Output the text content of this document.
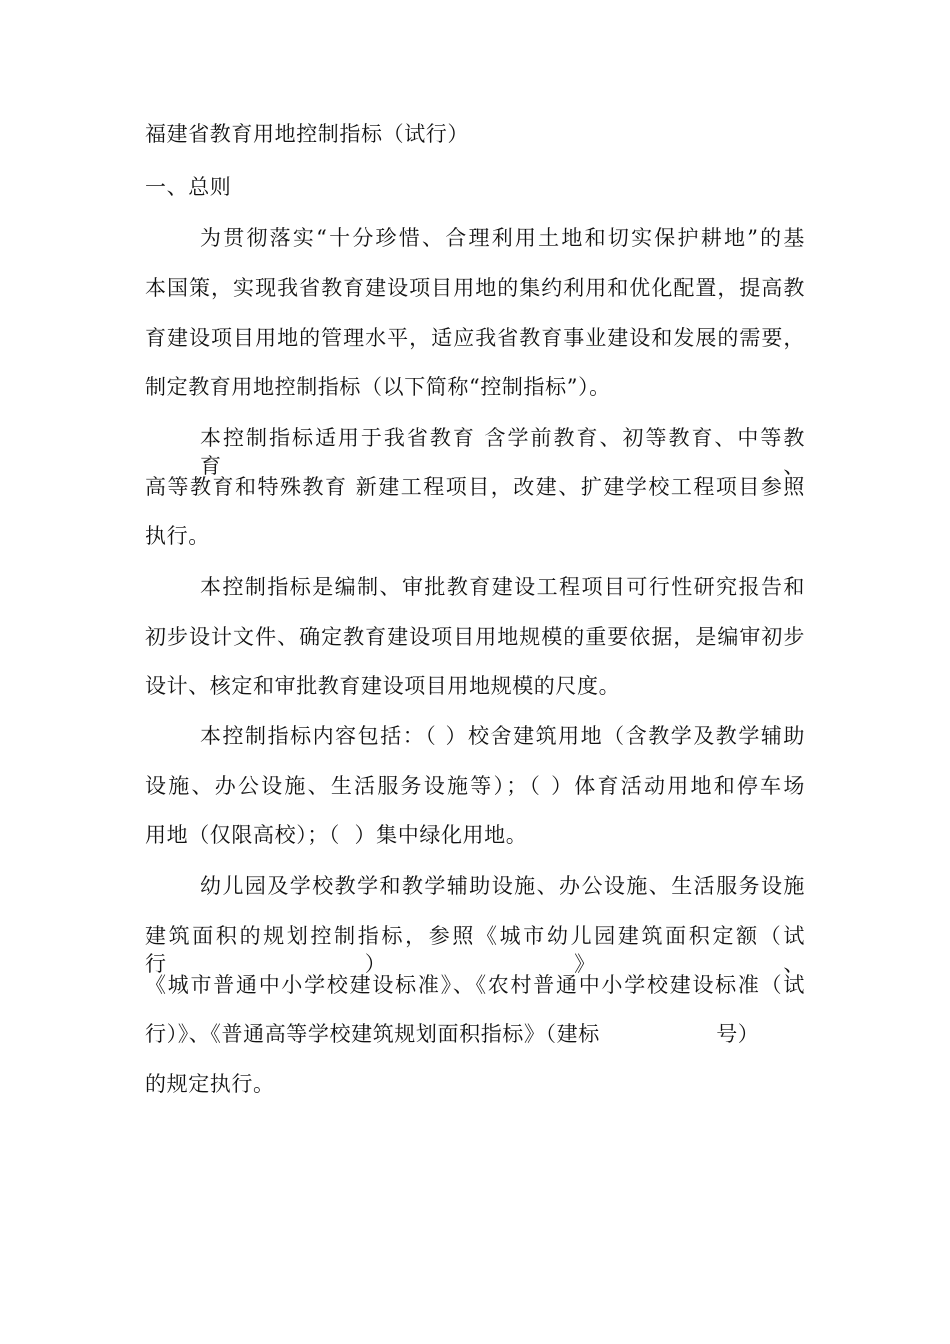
福建省教育用地控制指标（试行）
一、总则
为贯彻落实“十分珍惜、合理利用土地和切实保护耕地”的基
本国策，实现我省教育建设项目用地的集约利用和优化配置，提高教
育建设项目用地的管理水平，适应我省教育事业建设和发展的需要，
制定教育用地控制指标（以下简称“控制指标”）。
本控制指标适用于我省教育 含学前教育、初等教育、中等教育、
高等教育和特殊教育 新建工程项目，改建、扩建学校工程项目参照
执行。
本控制指标是编制、审批教育建设工程项目可行性研究报告和
初步设计文件、确定教育建设项目用地规模的重要依据，是编审初步
设计、核定和审批教育建设项目用地规模的尺度。
本控制指标内容包括：（ ）校舍建筑用地（含教学及教学辅助
设施、办公设施、生活服务设施等）；（ ）体育活动用地和停车场
用地（仅限高校）；（  ）集中绿化用地。
幼儿园及学校教学和教学辅助设施、办公设施、生活服务设施
建筑面积的规划控制指标，参照《城市幼儿园建筑面积定额（试行）》、
《城市普通中小学校建设标准》、《农村普通中小学校建设标准（试
行）》、《普通高等学校建筑规划面积指标》（建标                号）
的规定执行。
